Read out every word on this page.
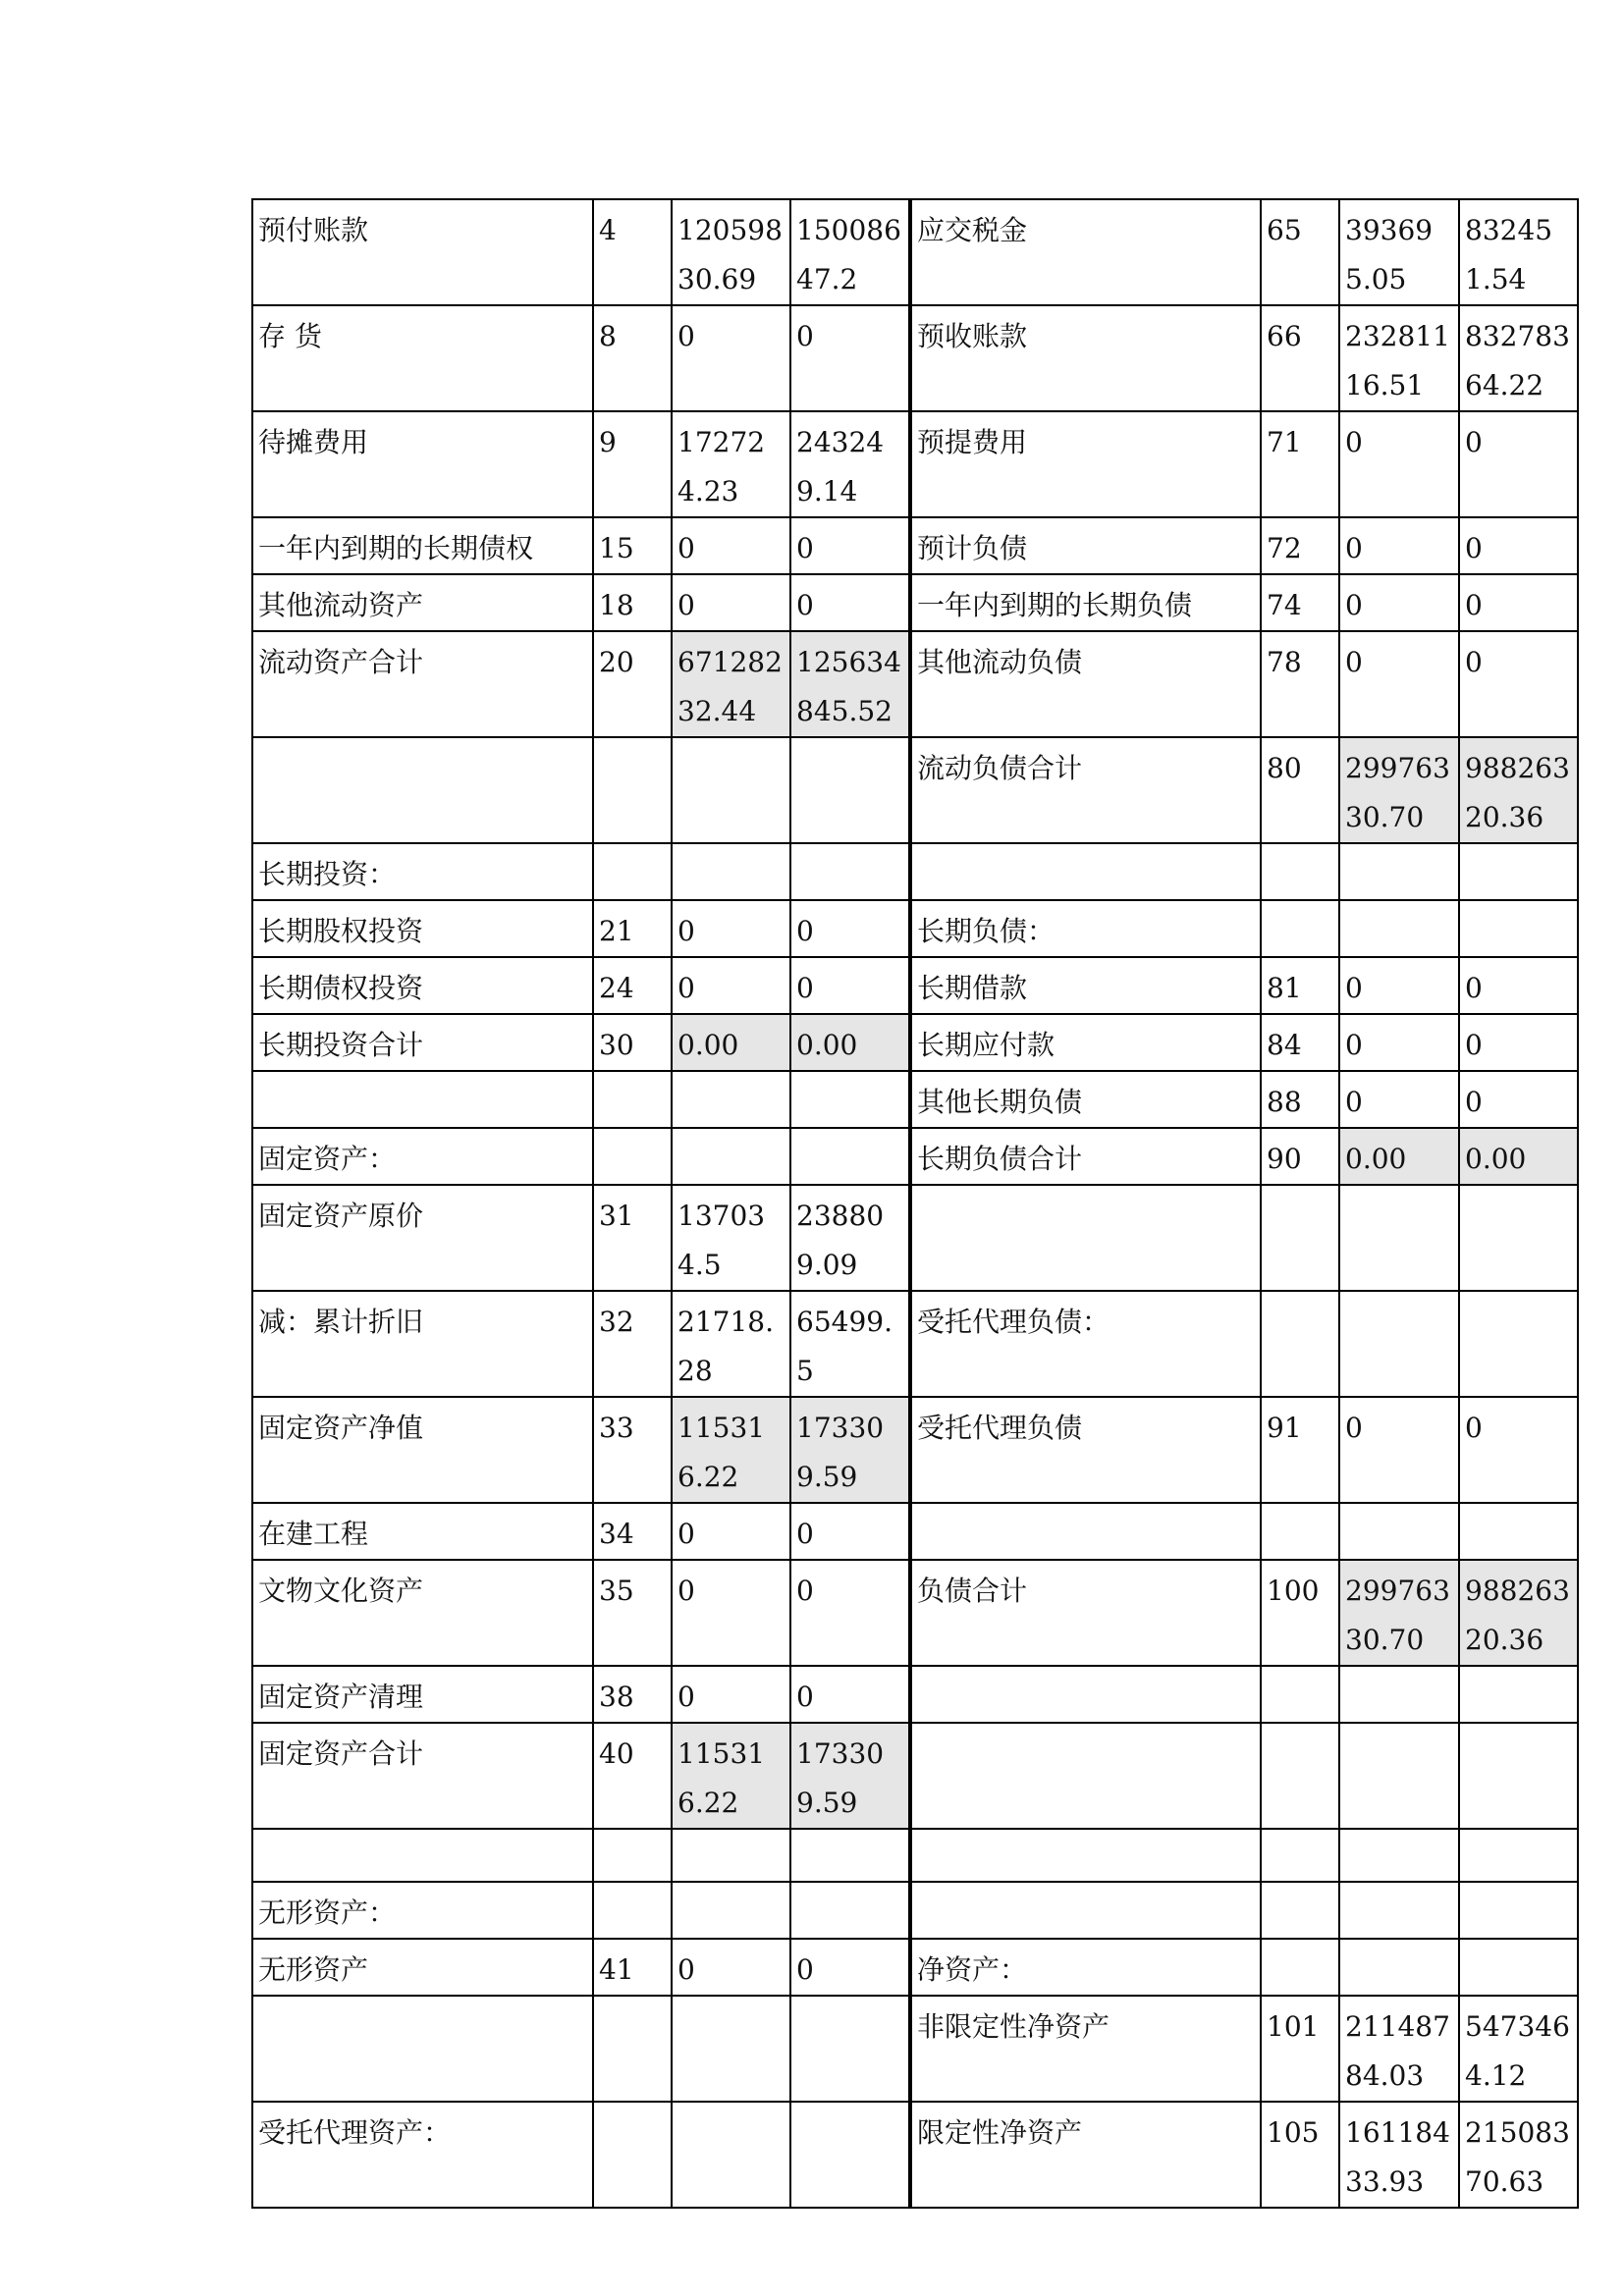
预付账款	4	12059830.69	15008647.2	应交税金	65	393695.05	832451.54
存 货	8	0	0	预收账款	66	23281116.51	83278364.22
待摊费用	9	172724.23	243249.14	预提费用	71	0	0
一年内到期的长期债权	15	0	0	预计负债	72	0	0
其他流动资产	18	0	0	一年内到期的长期负债	74	0	0
流动资产合计	20	67128232.44	125634845.52	其他流动负债	78	0	0
				流动负债合计	80	29976330.70	98826320.36
长期投资：							
长期股权投资	21	0	0	长期负债：			
长期债权投资	24	0	0	长期借款	81	0	0
长期投资合计	30	0.00	0.00	长期应付款	84	0	0
				其他长期负债	88	0	0
固定资产：				长期负债合计	90	0.00	0.00
固定资产原价	31	137034.5	238809.09				
减：累计折旧	32	21718.28	65499.5	受托代理负债：			
固定资产净值	33	115316.22	173309.59	受托代理负债	91	0	0
在建工程	34	0	0				
文物文化资产	35	0	0	负债合计	100	29976330.70	98826320.36
固定资产清理	38	0	0				
固定资产合计	40	115316.22	173309.59				

无形资产：							
无形资产	41	0	0	净资产：			
				非限定性净资产	101	21148784.03	5473464.12
受托代理资产：				限定性净资产	105	16118433.93	21508370.63
